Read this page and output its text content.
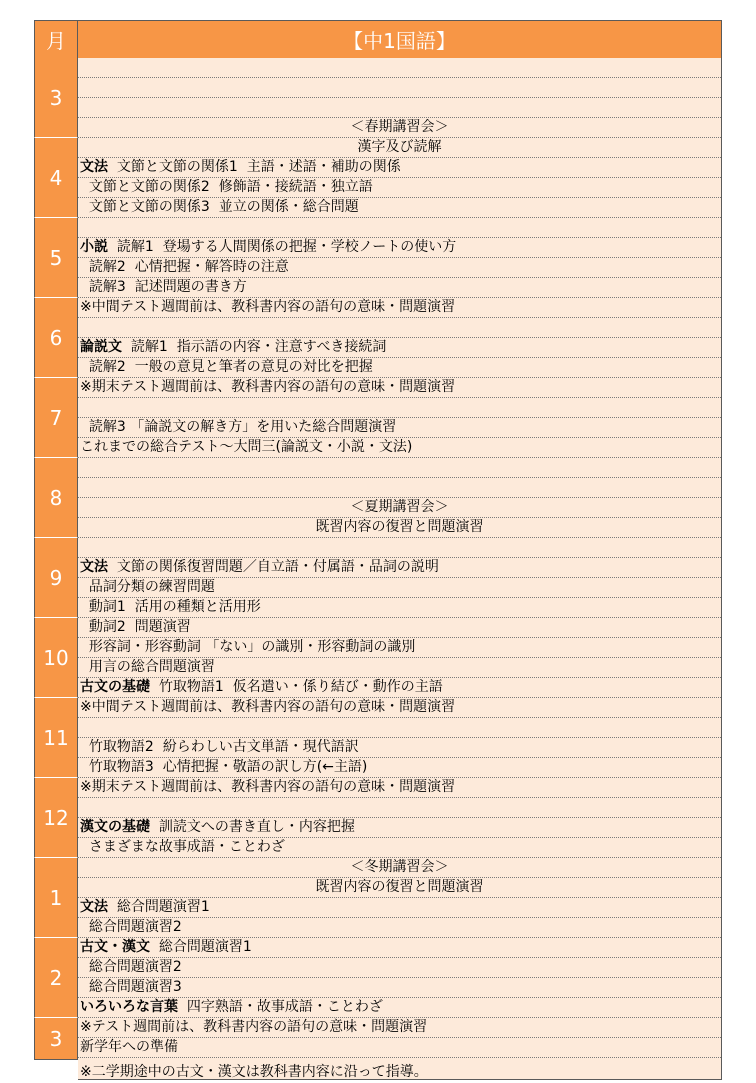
月	【中1国語】
3
4
5
6
7
8
9
10
11
12
1
2
3
＜春期講習会＞
漢字及び読解
文法  文節と文節の関係1  主語・述語・補助の関係
文節と文節の関係2  修飾語・接続語・独立語
文節と文節の関係3  並立の関係・総合問題
小説  読解1  登場する人間関係の把握・学校ノートの使い方
読解2  心情把握・解答時の注意
読解3  記述問題の書き方
※中間テスト週間前は、教科書内容の語句の意味・問題演習
論説文  読解1  指示語の内容・注意すべき接続詞
読解2  一般の意見と筆者の意見の対比を把握
※期末テスト週間前は、教科書内容の語句の意味・問題演習
読解3 「論説文の解き方」を用いた総合問題演習
これまでの総合テスト～大問三(論説文・小説・文法)
＜夏期講習会＞
既習内容の復習と問題演習
文法  文節の関係復習問題／自立語・付属語・品詞の説明
品詞分類の練習問題
動詞1  活用の種類と活用形
動詞2  問題演習
形容詞・形容動詞 「ない」の識別・形容動詞の識別
用言の総合問題演習
古文の基礎  竹取物語1  仮名遣い・係り結び・動作の主語
※中間テスト週間前は、教科書内容の語句の意味・問題演習
竹取物語2  紛らわしい古文単語・現代語訳
竹取物語3  心情把握・敬語の訳し方(←主語)
※期末テスト週間前は、教科書内容の語句の意味・問題演習
漢文の基礎  訓読文への書き直し・内容把握
さまざまな故事成語・ことわざ
＜冬期講習会＞
既習内容の復習と問題演習
文法  総合問題演習1
総合問題演習2
古文・漢文  総合問題演習1
総合問題演習2
総合問題演習3
いろいろな言葉  四字熟語・故事成語・ことわざ
※テスト週間前は、教科書内容の語句の意味・問題演習
新学年への準備
※二学期途中の古文・漢文は教科書内容に沿って指導。
